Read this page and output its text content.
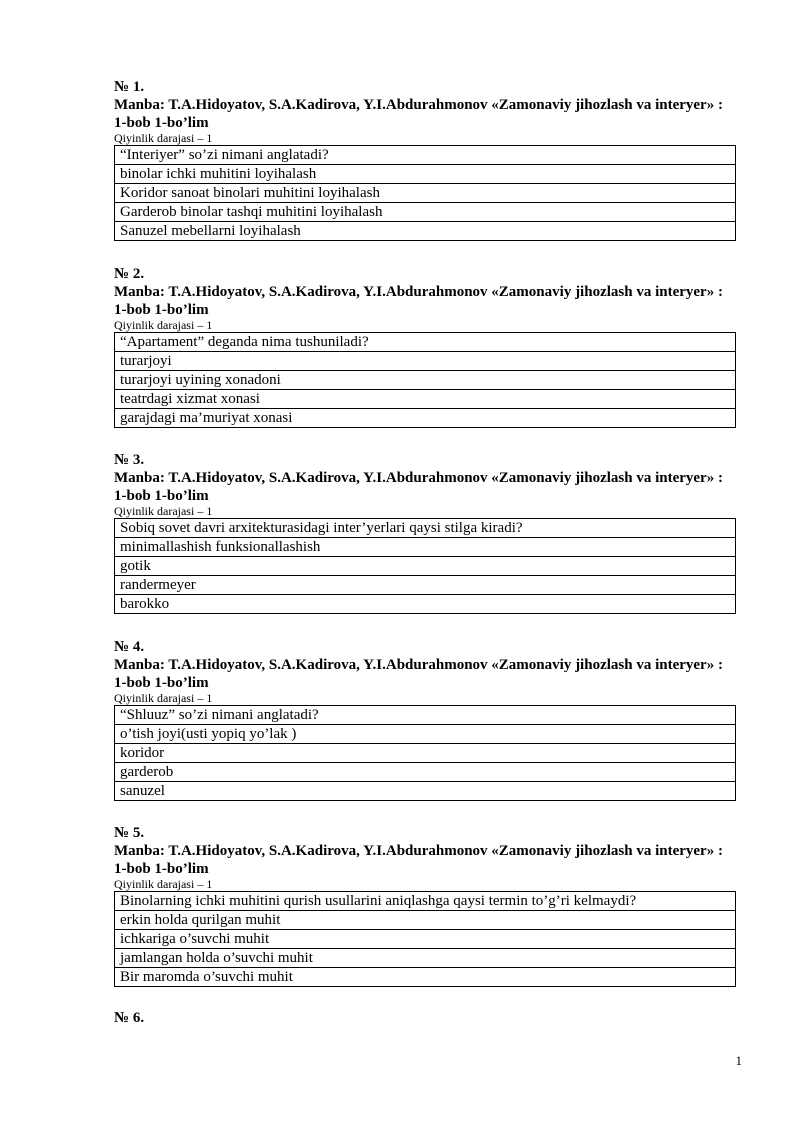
№ 1.
Manba: T.A.Hidoyatov, S.A.Kadirova, Y.I.Abdurahmonov «Zamonaviy jihozlash va interyer» : 1-bob 1-bo’lim
Qiyinlik darajasi – 1
“Interiyer” so’zi nimani anglatadi?
binolar ichki muhitini loyihalash
Koridor sanoat binolari muhitini loyihalash
Garderob binolar tashqi muhitini loyihalash
Sanuzel mebellarni loyihalash
№ 2.
Manba: T.A.Hidoyatov, S.A.Kadirova, Y.I.Abdurahmonov «Zamonaviy jihozlash va interyer» : 1-bob 1-bo’lim
Qiyinlik darajasi – 1
“Apartament” deganda nima tushuniladi?
turarjoyi
turarjoyi uyining xonadoni
teatrdagi xizmat xonasi
garajdagi ma’muriyat xonasi
№ 3.
Manba: T.A.Hidoyatov, S.A.Kadirova, Y.I.Abdurahmonov «Zamonaviy jihozlash va interyer» : 1-bob 1-bo’lim
Qiyinlik darajasi – 1
Sobiq sovet davri arxitekturasidagi inter’yerlari qaysi stilga kiradi?
minimallashish funksionallashish
gotik
randermeyer
barokko
№ 4.
Manba: T.A.Hidoyatov, S.A.Kadirova, Y.I.Abdurahmonov «Zamonaviy jihozlash va interyer» : 1-bob 1-bo’lim
Qiyinlik darajasi – 1
“Shluuz” so’zi nimani anglatadi?
o’tish joyi(usti yopiq yo’lak )
koridor
garderob
sanuzel
№ 5.
Manba: T.A.Hidoyatov, S.A.Kadirova, Y.I.Abdurahmonov «Zamonaviy jihozlash va interyer» : 1-bob 1-bo’lim
Qiyinlik darajasi – 1
Binolarning ichki muhitini qurish usullarini aniqlashga qaysi termin to’g’ri kelmaydi?
erkin holda qurilgan muhit
ichkariga o’suvchi muhit
jamlangan holda o’suvchi muhit
Bir maromda o’suvchi muhit
№ 6.
1
